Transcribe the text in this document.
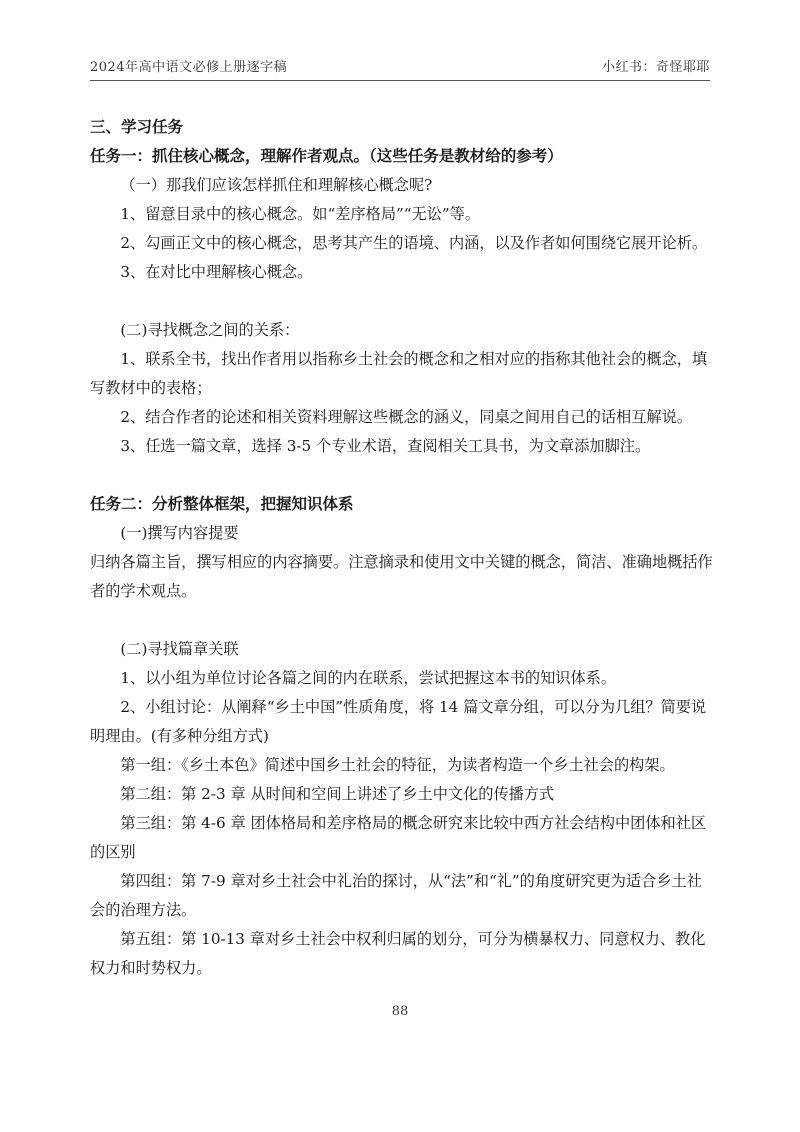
2024年高中语文必修上册逐字稿	小红书：奇怪耶耶

三、学习任务

任务一：抓住核心概念，理解作者观点。（这些任务是教材给的参考）

（一）那我们应该怎样抓住和理解核心概念呢?

1、留意目录中的核心概念。如“差序格局”“无讼”等。

2、勾画正文中的核心概念，思考其产生的语境、内涵，以及作者如何围绕它展开论析。

3、在对比中理解核心概念。

(二)寻找概念之间的关系：

1、联系全书，找出作者用以指称乡土社会的概念和之相对应的指称其他社会的概念，填写教材中的表格；

2、结合作者的论述和相关资料理解这些概念的涵义，同桌之间用自己的话相互解说。

3、任选一篇文章，选择 3-5 个专业术语，查阅相关工具书，为文章添加脚注。

任务二：分析整体框架，把握知识体系

(一)撰写内容提要

归纳各篇主旨，撰写相应的内容摘要。注意摘录和使用文中关键的概念，简洁、准确地概括作者的学术观点。

(二)寻找篇章关联

1、以小组为单位讨论各篇之间的内在联系，尝试把握这本书的知识体系。

2、小组讨论：从阐释“乡土中国”性质角度，将 14 篇文章分组，可以分为几组？简要说明理由。(有多种分组方式)

第一组：《乡土本色》简述中国乡土社会的特征，为读者构造一个乡土社会的构架。

第二组：第 2-3 章 从时间和空间上讲述了乡土中文化的传播方式

第三组：第 4-6 章 团体格局和差序格局的概念研究来比较中西方社会结构中团体和社区的区别

第四组：第 7-9 章对乡土社会中礼治的探讨，从“法”和“礼”的角度研究更为适合乡土社会的治理方法。

第五组：第 10-13 章对乡土社会中权利归属的划分，可分为横暴权力、同意权力、教化权力和时势权力。

88
